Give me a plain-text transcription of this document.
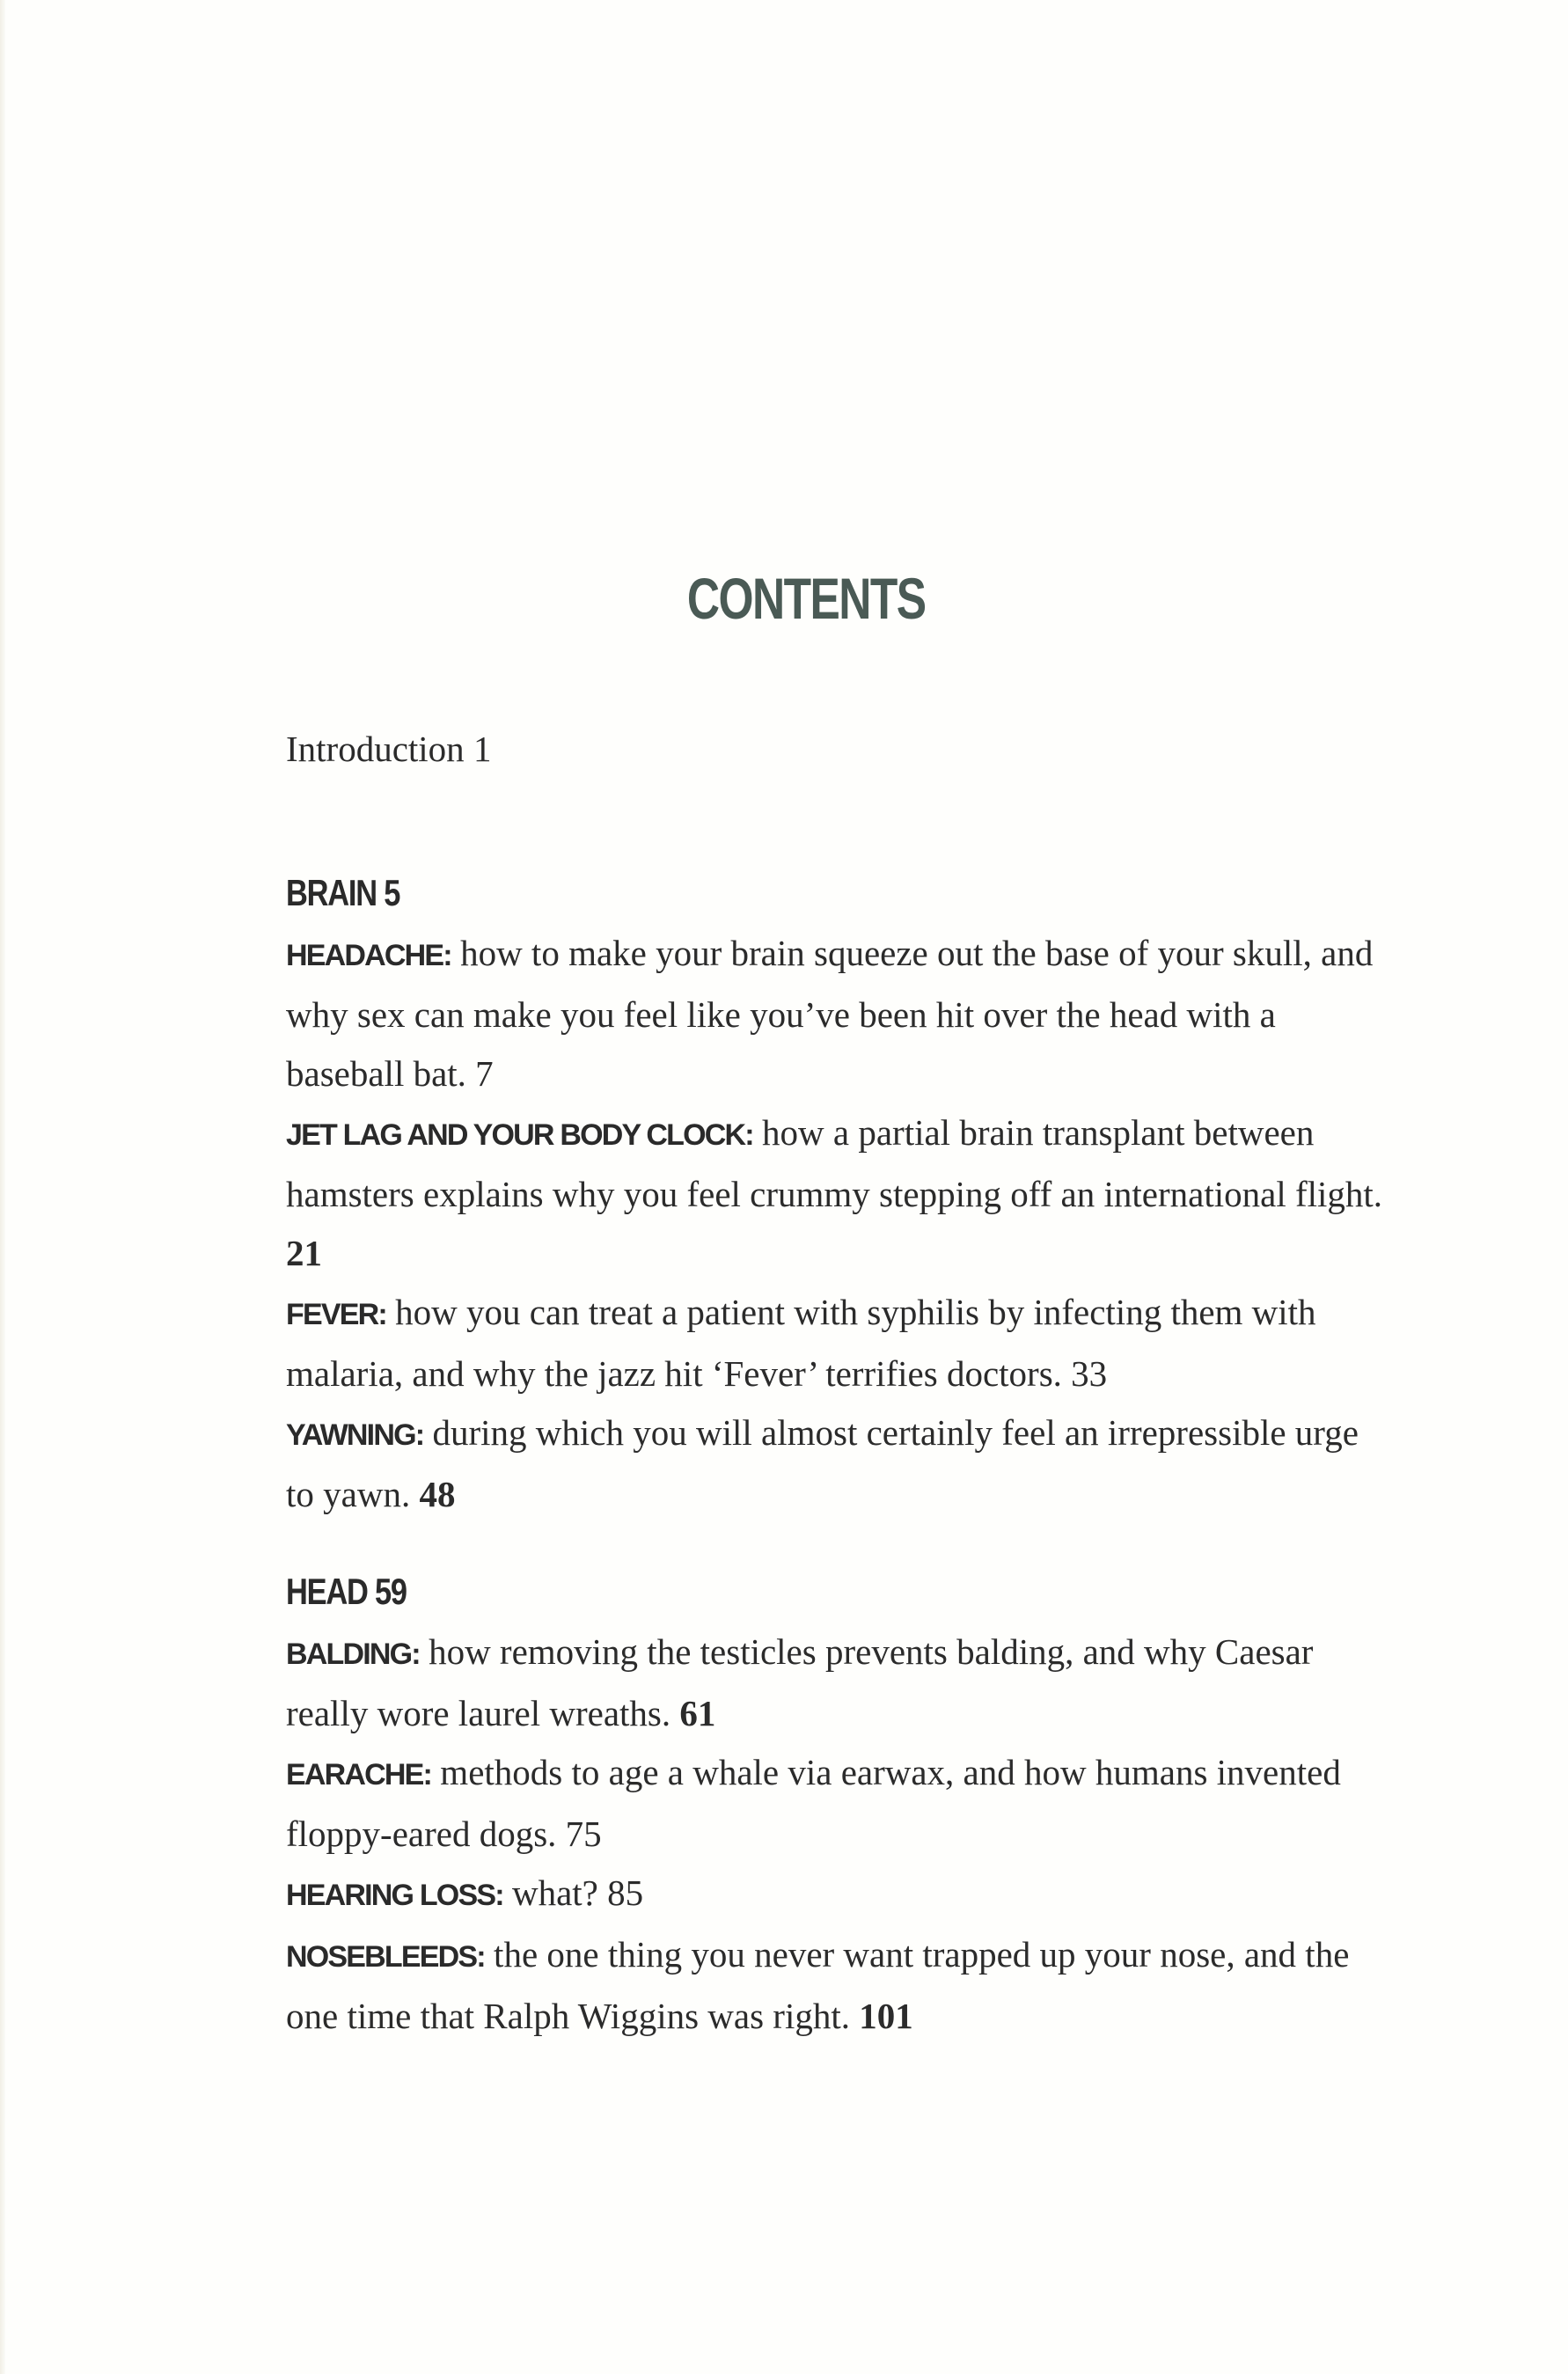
CONTENTS

Introduction 1

BRAIN 5

HEADACHE: how to make your brain squeeze out the base of your skull, and why sex can make you feel like you’ve been hit over the head with a baseball bat. 7

JET LAG AND YOUR BODY CLOCK: how a partial brain transplant between hamsters explains why you feel crummy stepping off an international flight. 21

FEVER: how you can treat a patient with syphilis by infecting them with malaria, and why the jazz hit ‘Fever’ terrifies doctors. 33

YAWNING: during which you will almost certainly feel an irrepressible urge to yawn. 48

HEAD 59

BALDING: how removing the testicles prevents balding, and why Caesar really wore laurel wreaths. 61

EARACHE: methods to age a whale via earwax, and how humans invented floppy-eared dogs. 75

HEARING LOSS: what? 85

NOSEBLEEDS: the one thing you never want trapped up your nose, and the one time that Ralph Wiggins was right. 101
